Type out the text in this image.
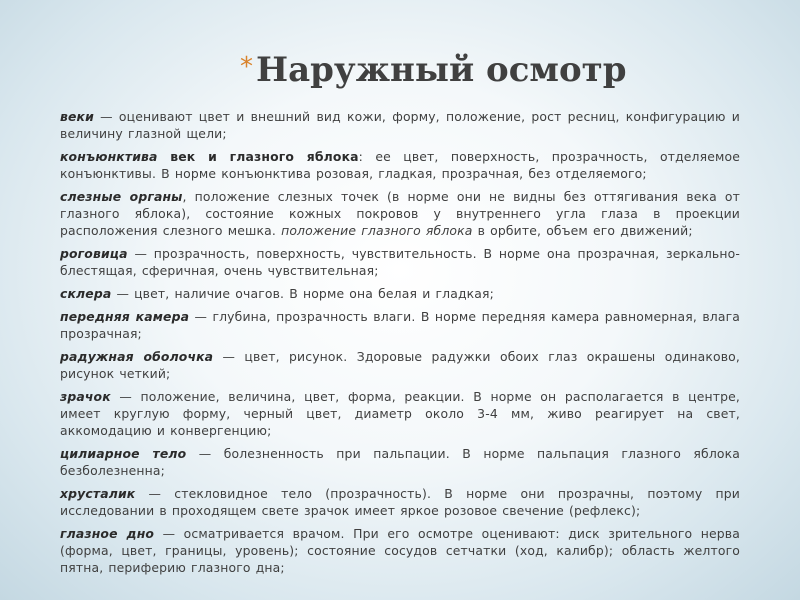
* Наружный осмотр

веки — оценивают цвет и внешний вид кожи, форму, положение, рост ресниц, конфигурацию и величину глазной щели;

конъюнктива век и глазного яблока: ее цвет, поверхность, прозрачность, отделяемое конъюнктивы. В норме конъюнктива розовая, гладкая, прозрачная, без отделяемого;

слезные органы, положение слезных точек (в норме они не видны без оттягивания века от глазного яблока), состояние кожных покровов у внутреннего угла глаза в проекции расположения слезного мешка. положение глазного яблока в орбите, объем его движений;

роговица — прозрачность, поверхность, чувствительность. В норме она прозрачная, зеркально-блестящая, сферичная, очень чувствительная;

склера — цвет, наличие очагов. В норме она белая и гладкая;

передняя камера — глубина, прозрачность влаги. В норме передняя камера равномерная, влага прозрачная;

радужная оболочка — цвет, рисунок. Здоровые радужки обоих глаз окрашены одинаково, рисунок четкий;

зрачок — положение, величина, цвет, форма, реакции. В норме он располагается в центре, имеет круглую форму, черный цвет, диаметр около 3-4 мм, живо реагирует на свет, аккомодацию и конвергенцию;

цилиарное тело — болезненность при пальпации. В норме пальпация глазного яблока безболезненна;

хрусталик — стекловидное тело (прозрачность). В норме они прозрачны, поэтому при исследовании в проходящем свете зрачок имеет яркое розовое свечение (рефлекс);

глазное дно — осматривается врачом. При его осмотре оценивают: диск зрительного нерва (форма, цвет, границы, уровень); состояние сосудов сетчатки (ход, калибр); область желтого пятна, периферию глазного дна;
